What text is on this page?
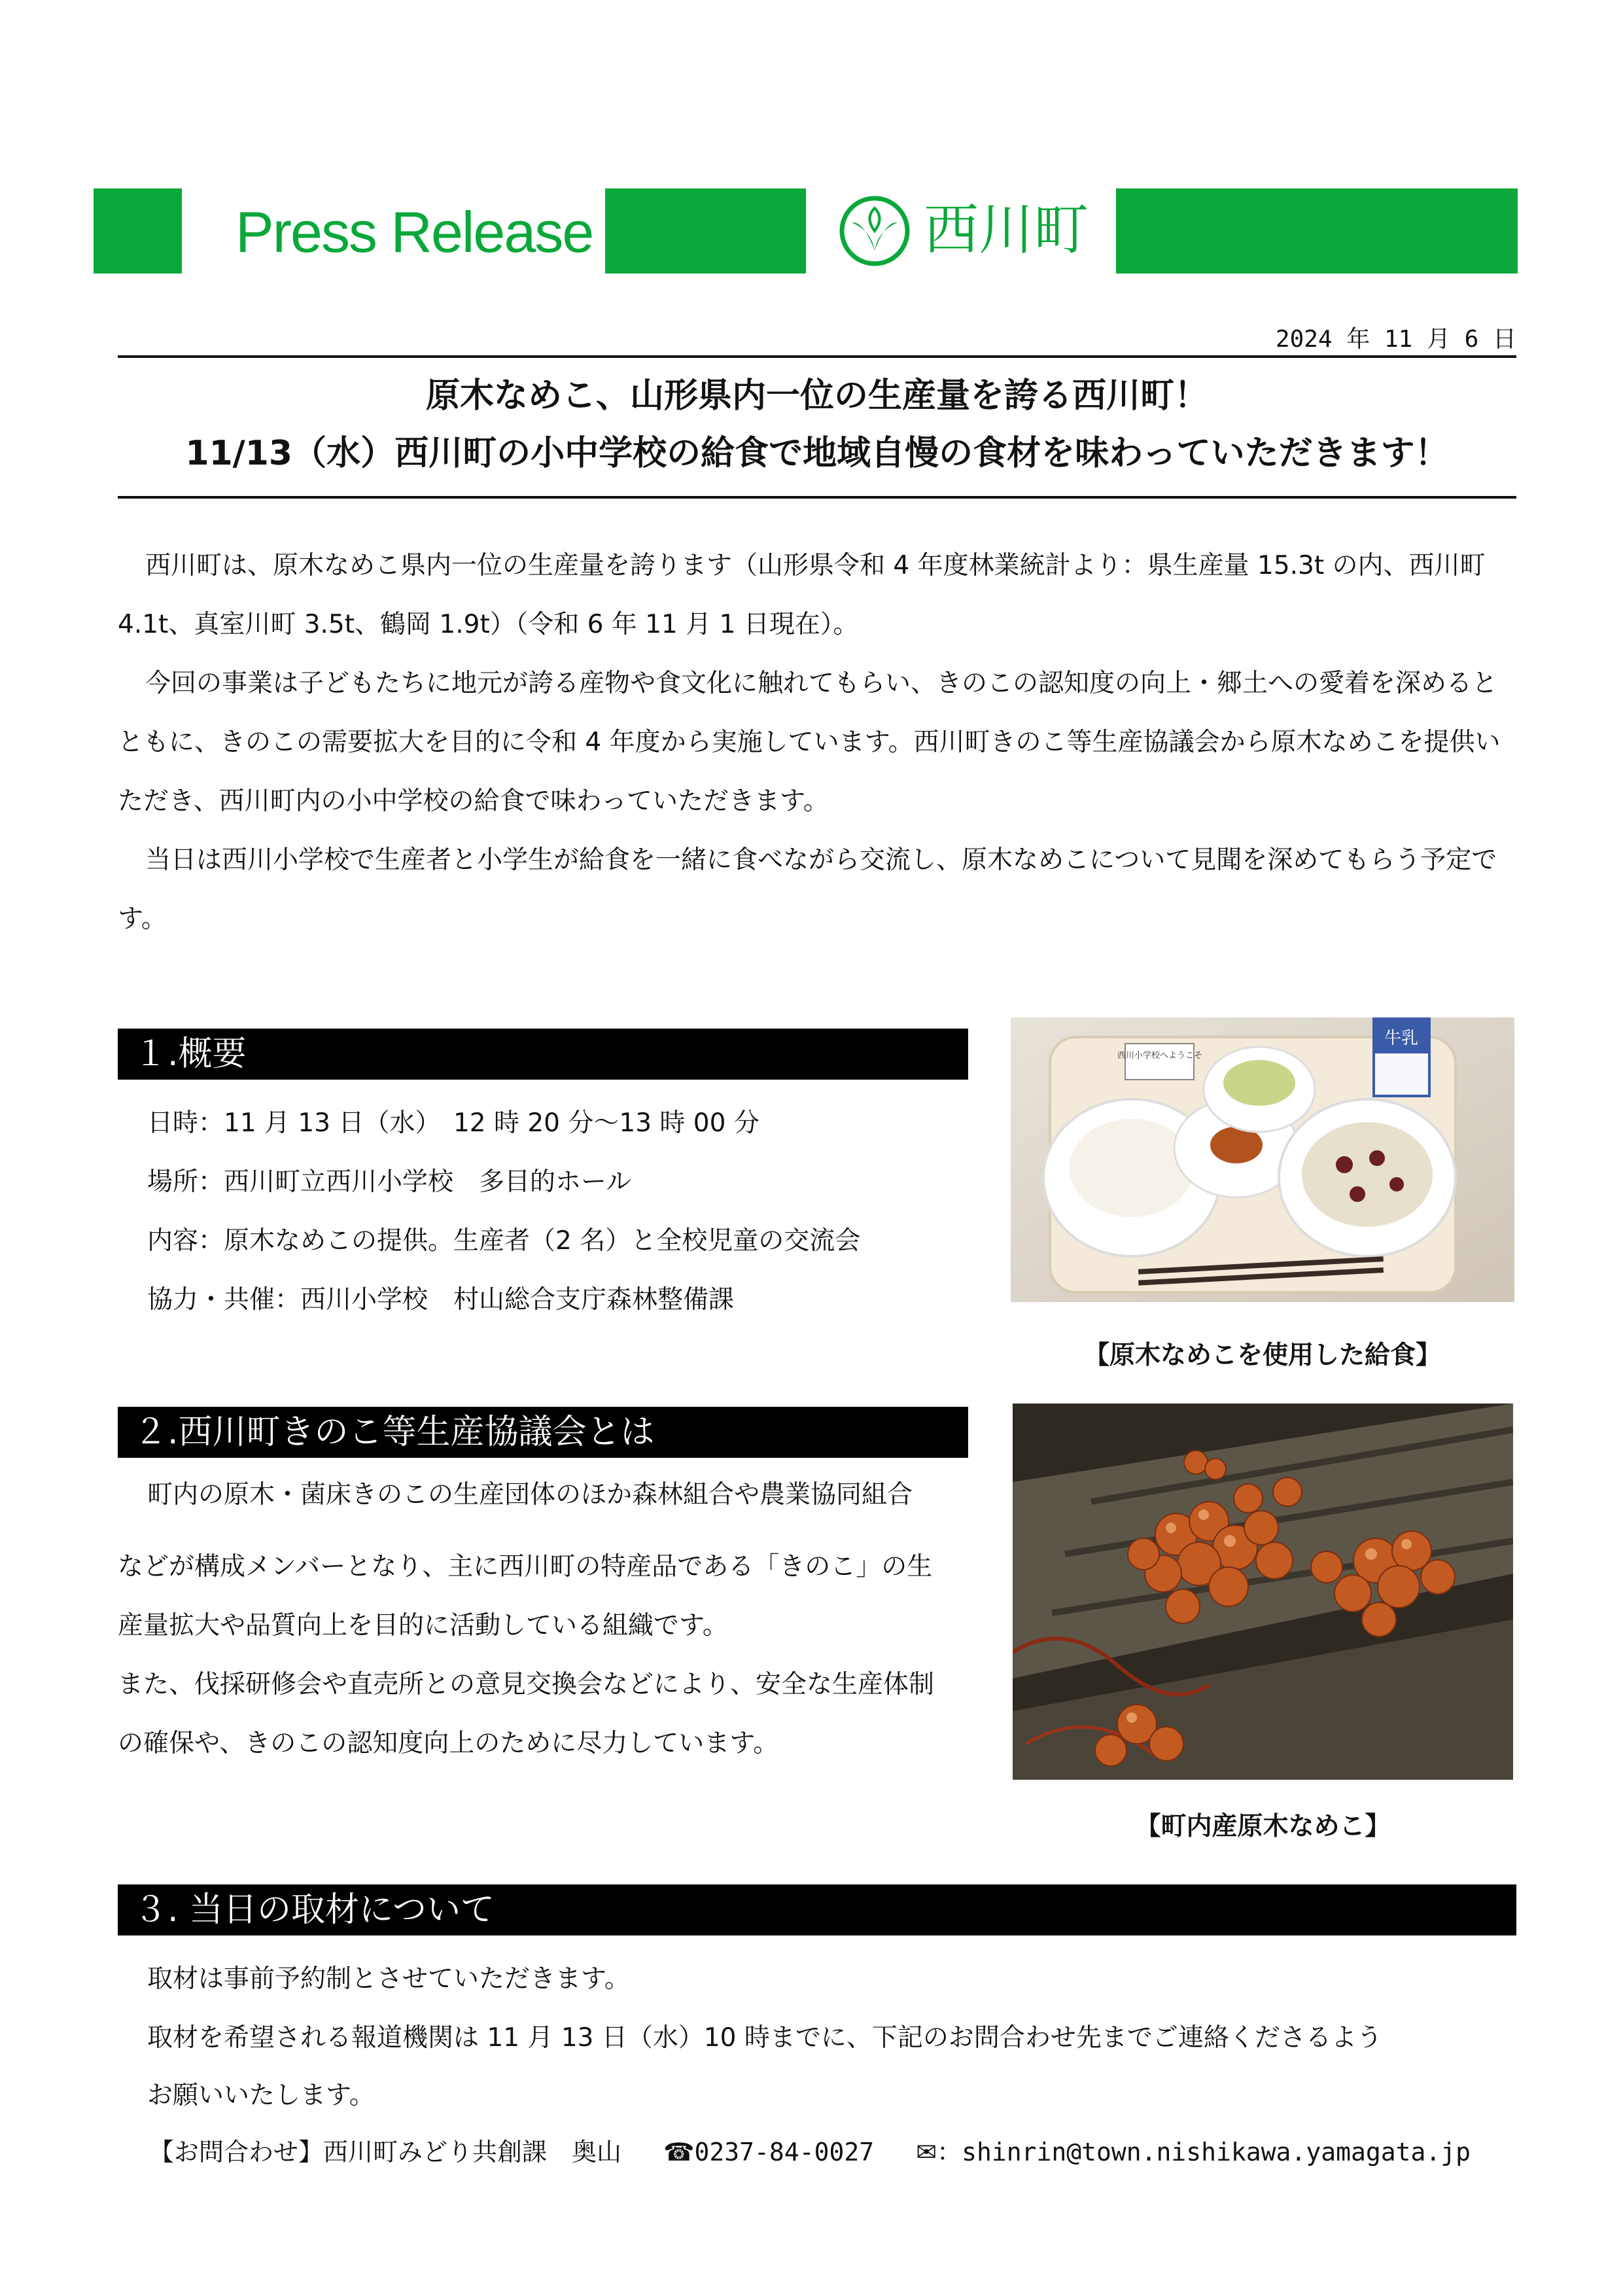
Press Release	西川町
2024 年 11 月 6 日
原木なめこ、山形県内一位の生産量を誇る西川町！
11/13（水）西川町の小中学校の給食で地域自慢の食材を味わっていただきます！

西川町は、原木なめこ県内一位の生産量を誇ります（山形県令和 4 年度林業統計より：県生産量 15.3t の内、西川町 4.1t、真室川町 3.5t、鶴岡 1.9t）（令和 6 年 11 月 1 日現在）。

今回の事業は子どもたちに地元が誇る産物や食文化に触れてもらい、きのこの認知度の向上・郷土への愛着を深めるとともに、きのこの需要拡大を目的に令和 4 年度から実施しています。西川町きのこ等生産協議会から原木なめこを提供いただき、西川町内の小中学校の給食で味わっていただきます。

当日は西川小学校で生産者と小学生が給食を一緒に食べながら交流し、原木なめこについて見聞を深めてもらう予定です。

１.概要
日時：11 月 13 日（水）　12 時 20 分～13 時 00 分
場所：西川町立西川小学校　多目的ホール
内容：原木なめこの提供。生産者（2 名）と全校児童の交流会
協力・共催：西川小学校　村山総合支庁森林整備課
西川小学校へようこそ
牛乳
【原木なめこを使用した給食】
２.西川町きのこ等生産協議会とは
町内の原木・菌床きのこの生産団体のほか森林組合や農業協同組合
などが構成メンバーとなり、主に西川町の特産品である「きのこ」の生
産量拡大や品質向上を目的に活動している組織です。
また、伐採研修会や直売所との意見交換会などにより、安全な生産体制
の確保や、きのこの認知度向上のために尽力しています。
【町内産原木なめこ】
３. 当日の取材について
取材は事前予約制とさせていただきます。
取材を希望される報道機関は 11 月 13 日（水）10 時までに、下記のお問合わせ先までご連絡くださるよう
お願いいたします。
【お問合わせ】西川町みどり共創課　奥山 ☎0237-84-0027 ✉：shinrin@town.nishikawa.yamagata.jp
